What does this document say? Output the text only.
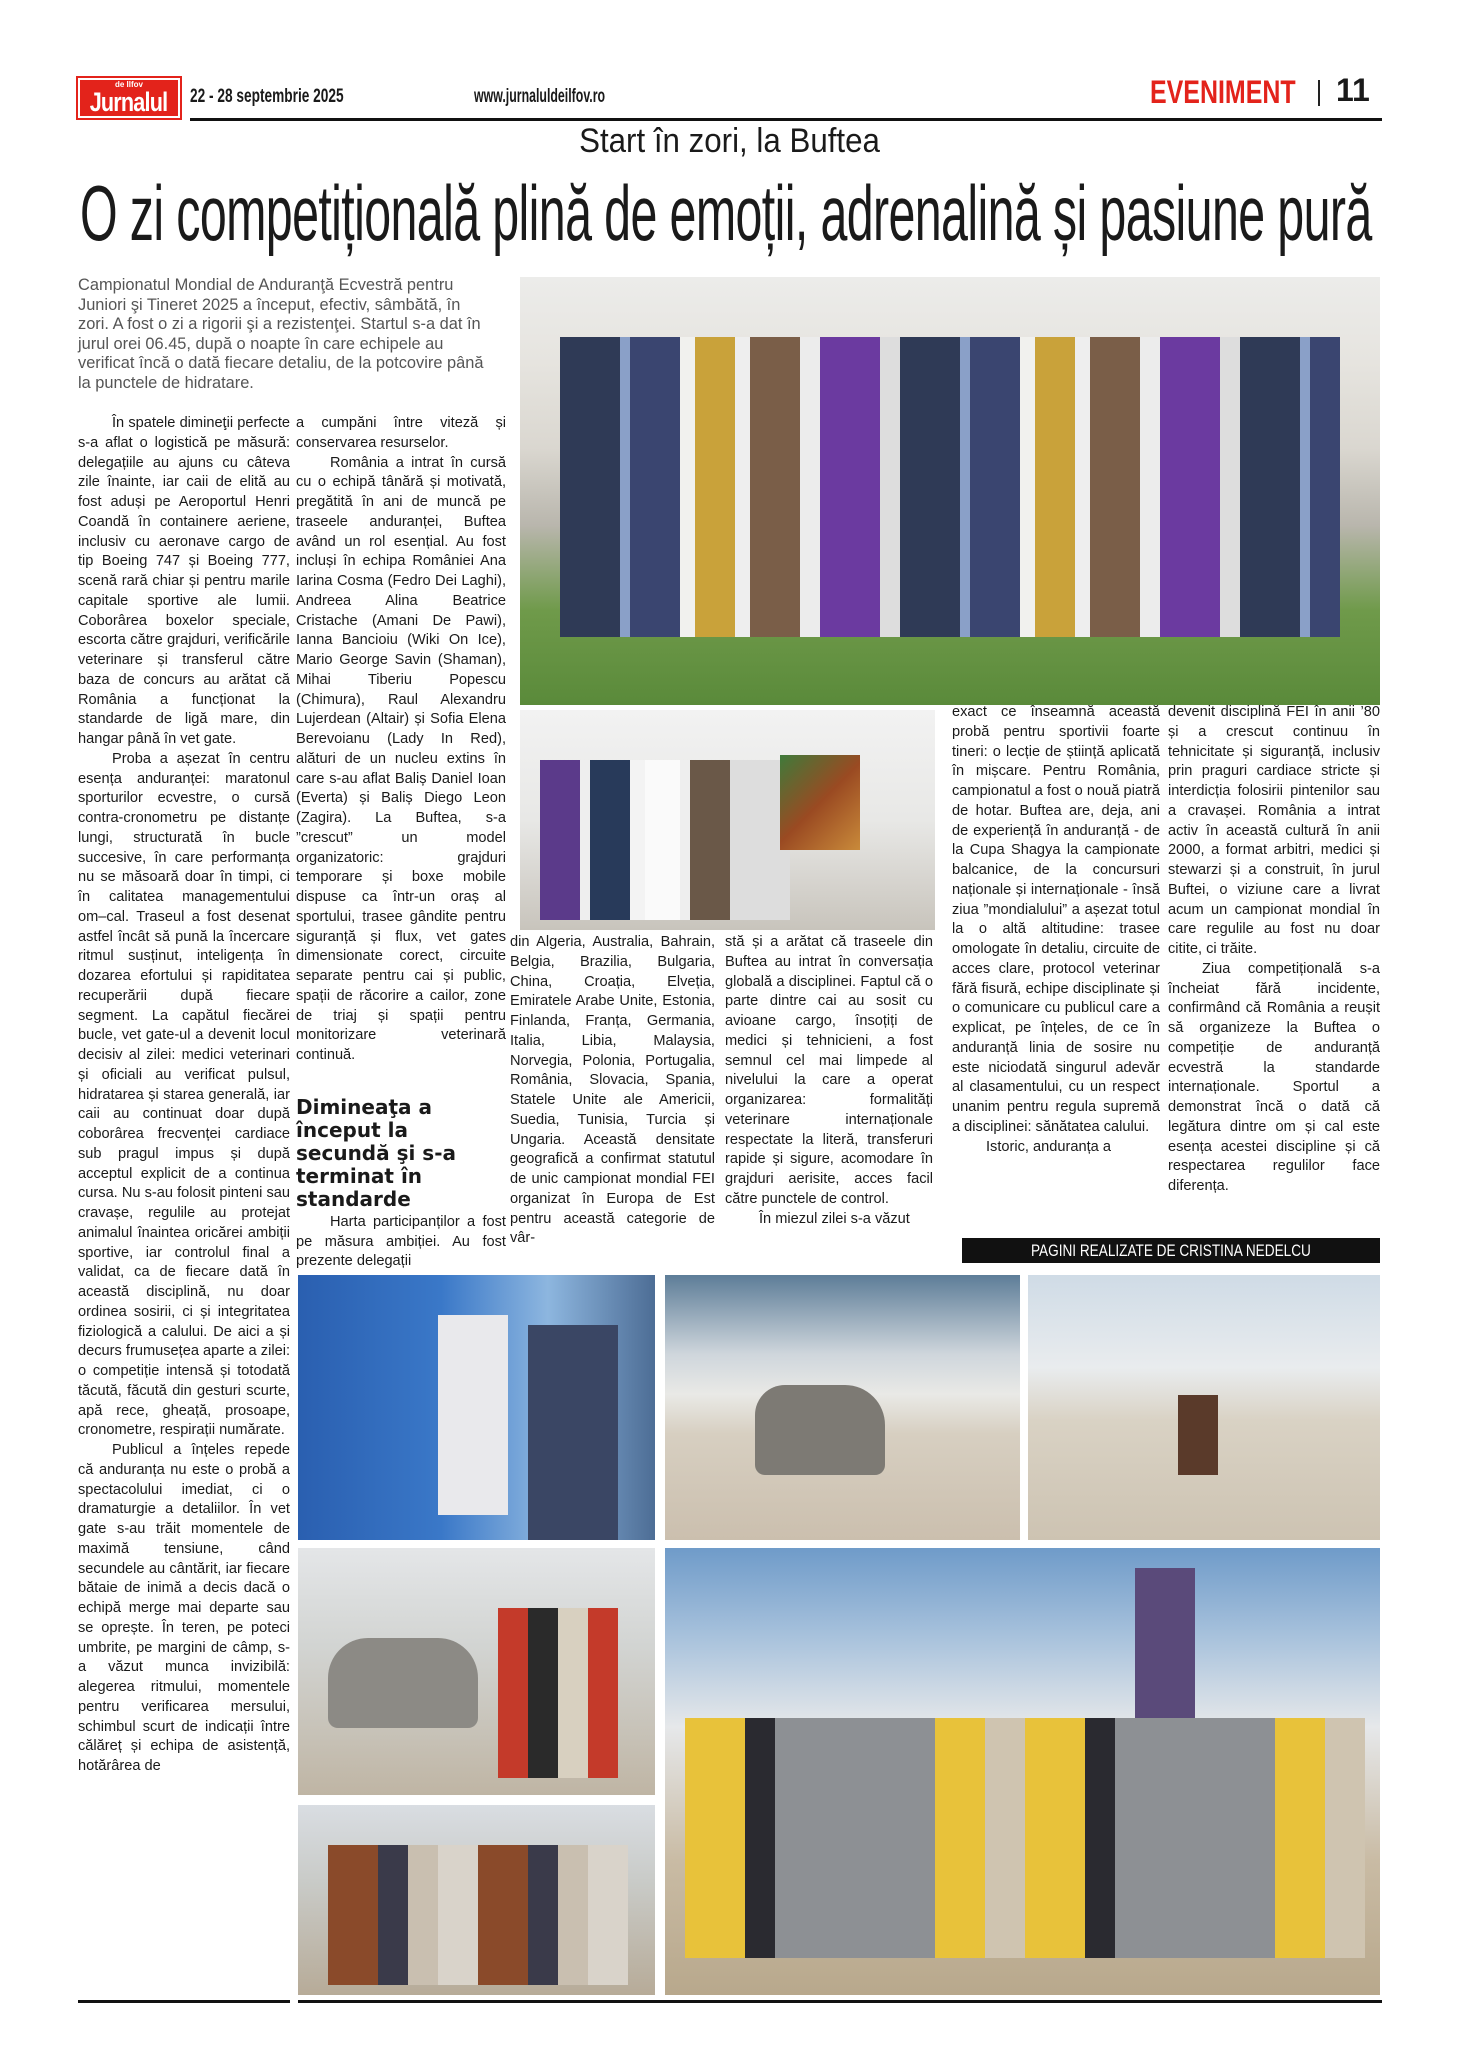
de Ilfov
Jurnalul 22 - 28 septembrie 2025	www.jurnaluldeilfov.ro	EVENIMENT 11
Start în zori, la Buftea
O zi competițională plină de emoții, adrenalină și pasiune pură
Campionatul Mondial de Anduranţă Ecvestră pentru Juniori şi Tineret 2025 a început, efectiv, sâmbătă, în zori. A fost o zi a rigorii şi a rezistenţei. Startul s-a dat în jurul orei 06.45, după o noapte în care echipele au verificat încă o dată fiecare detaliu, de la potcovire până la punctele de hidratare.

În spatele dimineţii perfecte s-a aflat o logistică pe măsură: delegațiile au ajuns cu câteva zile înainte, iar caii de elită au fost aduși pe Aeroportul Henri Coandă în containere aeriene, inclusiv cu aeronave cargo de tip Boeing 747 și Boeing 777, scenă rară chiar și pentru marile capitale sportive ale lumii. Coborârea boxelor speciale, escorta către grajduri, verificările veterinare și transferul către baza de concurs au arătat că România a funcționat la standarde de ligă mare, din hangar până în vet gate.

Proba a așezat în centru esența anduranței: maratonul sporturilor ecvestre, o cursă contra-cronometru pe distanțe lungi, structurată în bucle succesive, în care performanța nu se măsoară doar în timpi, ci în calitatea managementului om–cal. Traseul a fost desenat astfel încât să pună la încercare ritmul susținut, inteligența în dozarea efortului și rapiditatea recuperării după fiecare segment. La capătul fiecărei bucle, vet gate-ul a devenit locul decisiv al zilei: medici veterinari și oficiali au verificat pulsul, hidratarea și starea generală, iar caii au continuat doar după coborârea frecvenței cardiace sub pragul impus și după acceptul explicit de a continua cursa. Nu s-au folosit pinteni sau cravașe, regulile au protejat animalul înaintea oricărei ambiții sportive, iar controlul final a validat, ca de fiecare dată în această disciplină, nu doar ordinea sosirii, ci și integritatea fiziologică a calului. De aici a și decurs frumusețea aparte a zilei: o competiție intensă și totodată tăcută, făcută din gesturi scurte, apă rece, gheață, prosoape, cronometre, respirații numărate.

Publicul a înțeles repede că anduranța nu este o probă a spectacolului imediat, ci o dramaturgie a detaliilor. În vet gate s-au trăit momentele de maximă tensiune, când secundele au cântărit, iar fiecare bătaie de inimă a decis dacă o echipă merge mai departe sau se oprește. În teren, pe poteci umbrite, pe margini de câmp, s-a văzut munca invizibilă: alegerea ritmului, momentele pentru verificarea mersului, schimbul scurt de indicații între călăreț și echipa de asistență, hotărârea de

a cumpăni între viteză și conservarea resurselor.

România a intrat în cursă cu o echipă tânără și motivată, pregătită în ani de muncă pe traseele anduranței, Buftea având un rol esențial. Au fost incluși în echipa României Ana Iarina Cosma (Fedro Dei Laghi), Andreea Alina Beatrice Cristache (Amani De Pawi), Ianna Bancioiu (Wiki On Ice), Mario George Savin (Shaman), Mihai Tiberiu Popescu (Chimura), Raul Alexandru Lujerdean (Altair) și Sofia Elena Berevoianu (Lady In Red), alături de un nucleu extins în care s-au aflat Baliș Daniel Ioan (Everta) și Baliș Diego Leon (Zagira). La Buftea, s-a ”crescut” un model organizatoric: grajduri temporare și boxe mobile dispuse ca într-un oraș al sportului, trasee gândite pentru siguranță și flux, vet gates dimensionate corect, circuite separate pentru cai și public, spații de răcorire a cailor, zone de triaj și spații pentru monitorizare veterinară continuă.

Dimineaţa a început la secundă şi s-a terminat în standarde

Harta participanților a fost pe măsura ambiției. Au fost prezente delegații

din Algeria, Australia, Bahrain, Belgia, Brazilia, Bulgaria, China, Croația, Elveția, Emiratele Arabe Unite, Estonia, Finlanda, Franța, Germania, Italia, Libia, Malaysia, Norvegia, Polonia, Portugalia, România, Slovacia, Spania, Statele Unite ale Americii, Suedia, Tunisia, Turcia și Ungaria. Această densitate geografică a confirmat statutul de unic campionat mondial FEI organizat în Europa de Est pentru această categorie de vâr-

stă și a arătat că traseele din Buftea au intrat în conversația globală a disciplinei. Faptul că o parte dintre cai au sosit cu avioane cargo, însoțiți de medici și tehnicieni, a fost semnul cel mai limpede al nivelului la care a operat organizarea: formalități veterinare internaționale respectate la literă, transferuri rapide și sigure, acomodare în grajduri aerisite, acces facil către punctele de control.

În miezul zilei s-a văzut

exact ce înseamnă această probă pentru sportivii foarte tineri: o lecție de știință aplicată în mișcare. Pentru România, campionatul a fost o nouă piatră de hotar. Buftea are, deja, ani de experiență în anduranță - de la Cupa Shagya la campionate balcanice, de la concursuri naționale și internaționale - însă ziua ”mondialului” a așezat totul la o altă altitudine: trasee omologate în detaliu, circuite de acces clare, protocol veterinar fără fisură, echipe disciplinate și o comunicare cu publicul care a explicat, pe înțeles, de ce în anduranță linia de sosire nu este niciodată singurul adevăr al clasamentului, cu un respect unanim pentru regula supremă a disciplinei: sănătatea calului.

Istoric, anduranța a

devenit disciplină FEI în anii ’80 și a crescut continuu în tehnicitate și siguranță, inclusiv prin praguri cardiace stricte și interdicția folosirii pintenilor sau a cravașei. România a intrat activ în această cultură în anii 2000, a format arbitri, medici și stewarzi și a construit, în jurul Buftei, o viziune care a livrat acum un campionat mondial în care regulile au fost nu doar citite, ci trăite.

Ziua competițională s-a încheiat fără incidente, confirmând că România a reușit să organizeze la Buftea o competiție de anduranță ecvestră la standarde internaționale. Sportul a demonstrat încă o dată că legătura dintre om și cal este esența acestei discipline și că respectarea regulilor face diferența.

PAGINI REALIZATE DE CRISTINA NEDELCU
